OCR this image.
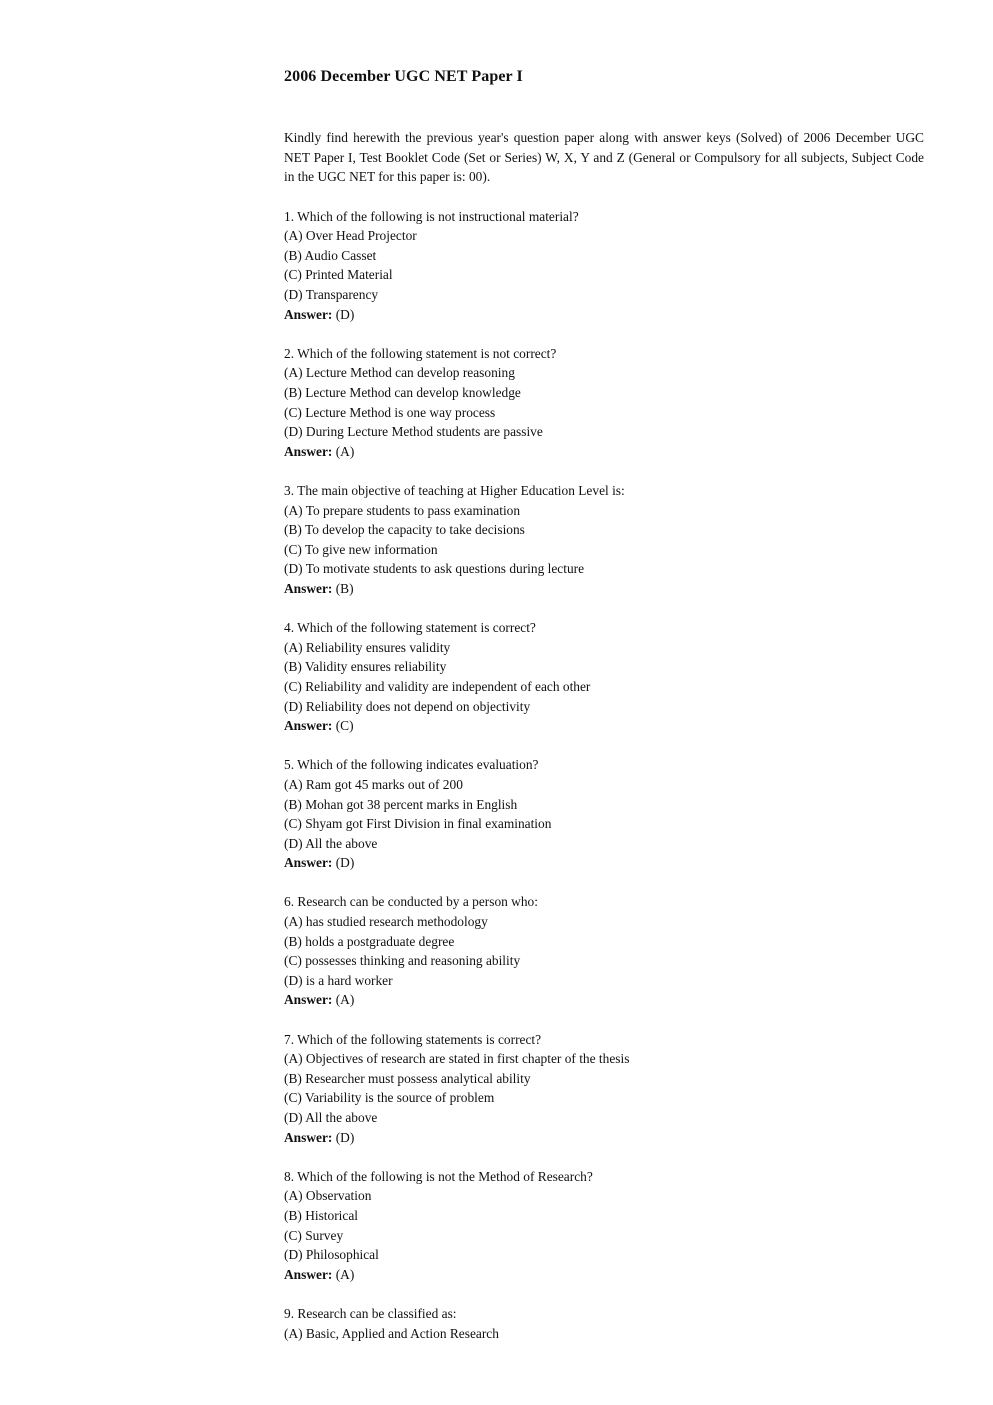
2006 December UGC NET Paper I

Kindly find herewith the previous year's question paper along with answer keys (Solved) of 2006 December UGC NET Paper I, Test Booklet Code (Set or Series) W, X, Y and Z (General or Compulsory for all subjects, Subject Code in the UGC NET for this paper is: 00).

1. Which of the following is not instructional material?
(A) Over Head Projector
(B) Audio Casset
(C) Printed Material
(D) Transparency
Answer: (D)
2. Which of the following statement is not correct?
(A) Lecture Method can develop reasoning
(B) Lecture Method can develop knowledge
(C) Lecture Method is one way process
(D) During Lecture Method students are passive
Answer: (A)
3. The main objective of teaching at Higher Education Level is:
(A) To prepare students to pass examination
(B) To develop the capacity to take decisions
(C) To give new information
(D) To motivate students to ask questions during lecture
Answer: (B)
4. Which of the following statement is correct?
(A) Reliability ensures validity
(B) Validity ensures reliability
(C) Reliability and validity are independent of each other
(D) Reliability does not depend on objectivity
Answer: (C)
5. Which of the following indicates evaluation?
(A) Ram got 45 marks out of 200
(B) Mohan got 38 percent marks in English
(C) Shyam got First Division in final examination
(D) All the above
Answer: (D)
6. Research can be conducted by a person who:
(A) has studied research methodology
(B) holds a postgraduate degree
(C) possesses thinking and reasoning ability
(D) is a hard worker
Answer: (A)
7. Which of the following statements is correct?
(A) Objectives of research are stated in first chapter of the thesis
(B) Researcher must possess analytical ability
(C) Variability is the source of problem
(D) All the above
Answer: (D)
8. Which of the following is not the Method of Research?
(A) Observation
(B) Historical
(C) Survey
(D) Philosophical
Answer: (A)
9. Research can be classified as:
(A) Basic, Applied and Action Research
